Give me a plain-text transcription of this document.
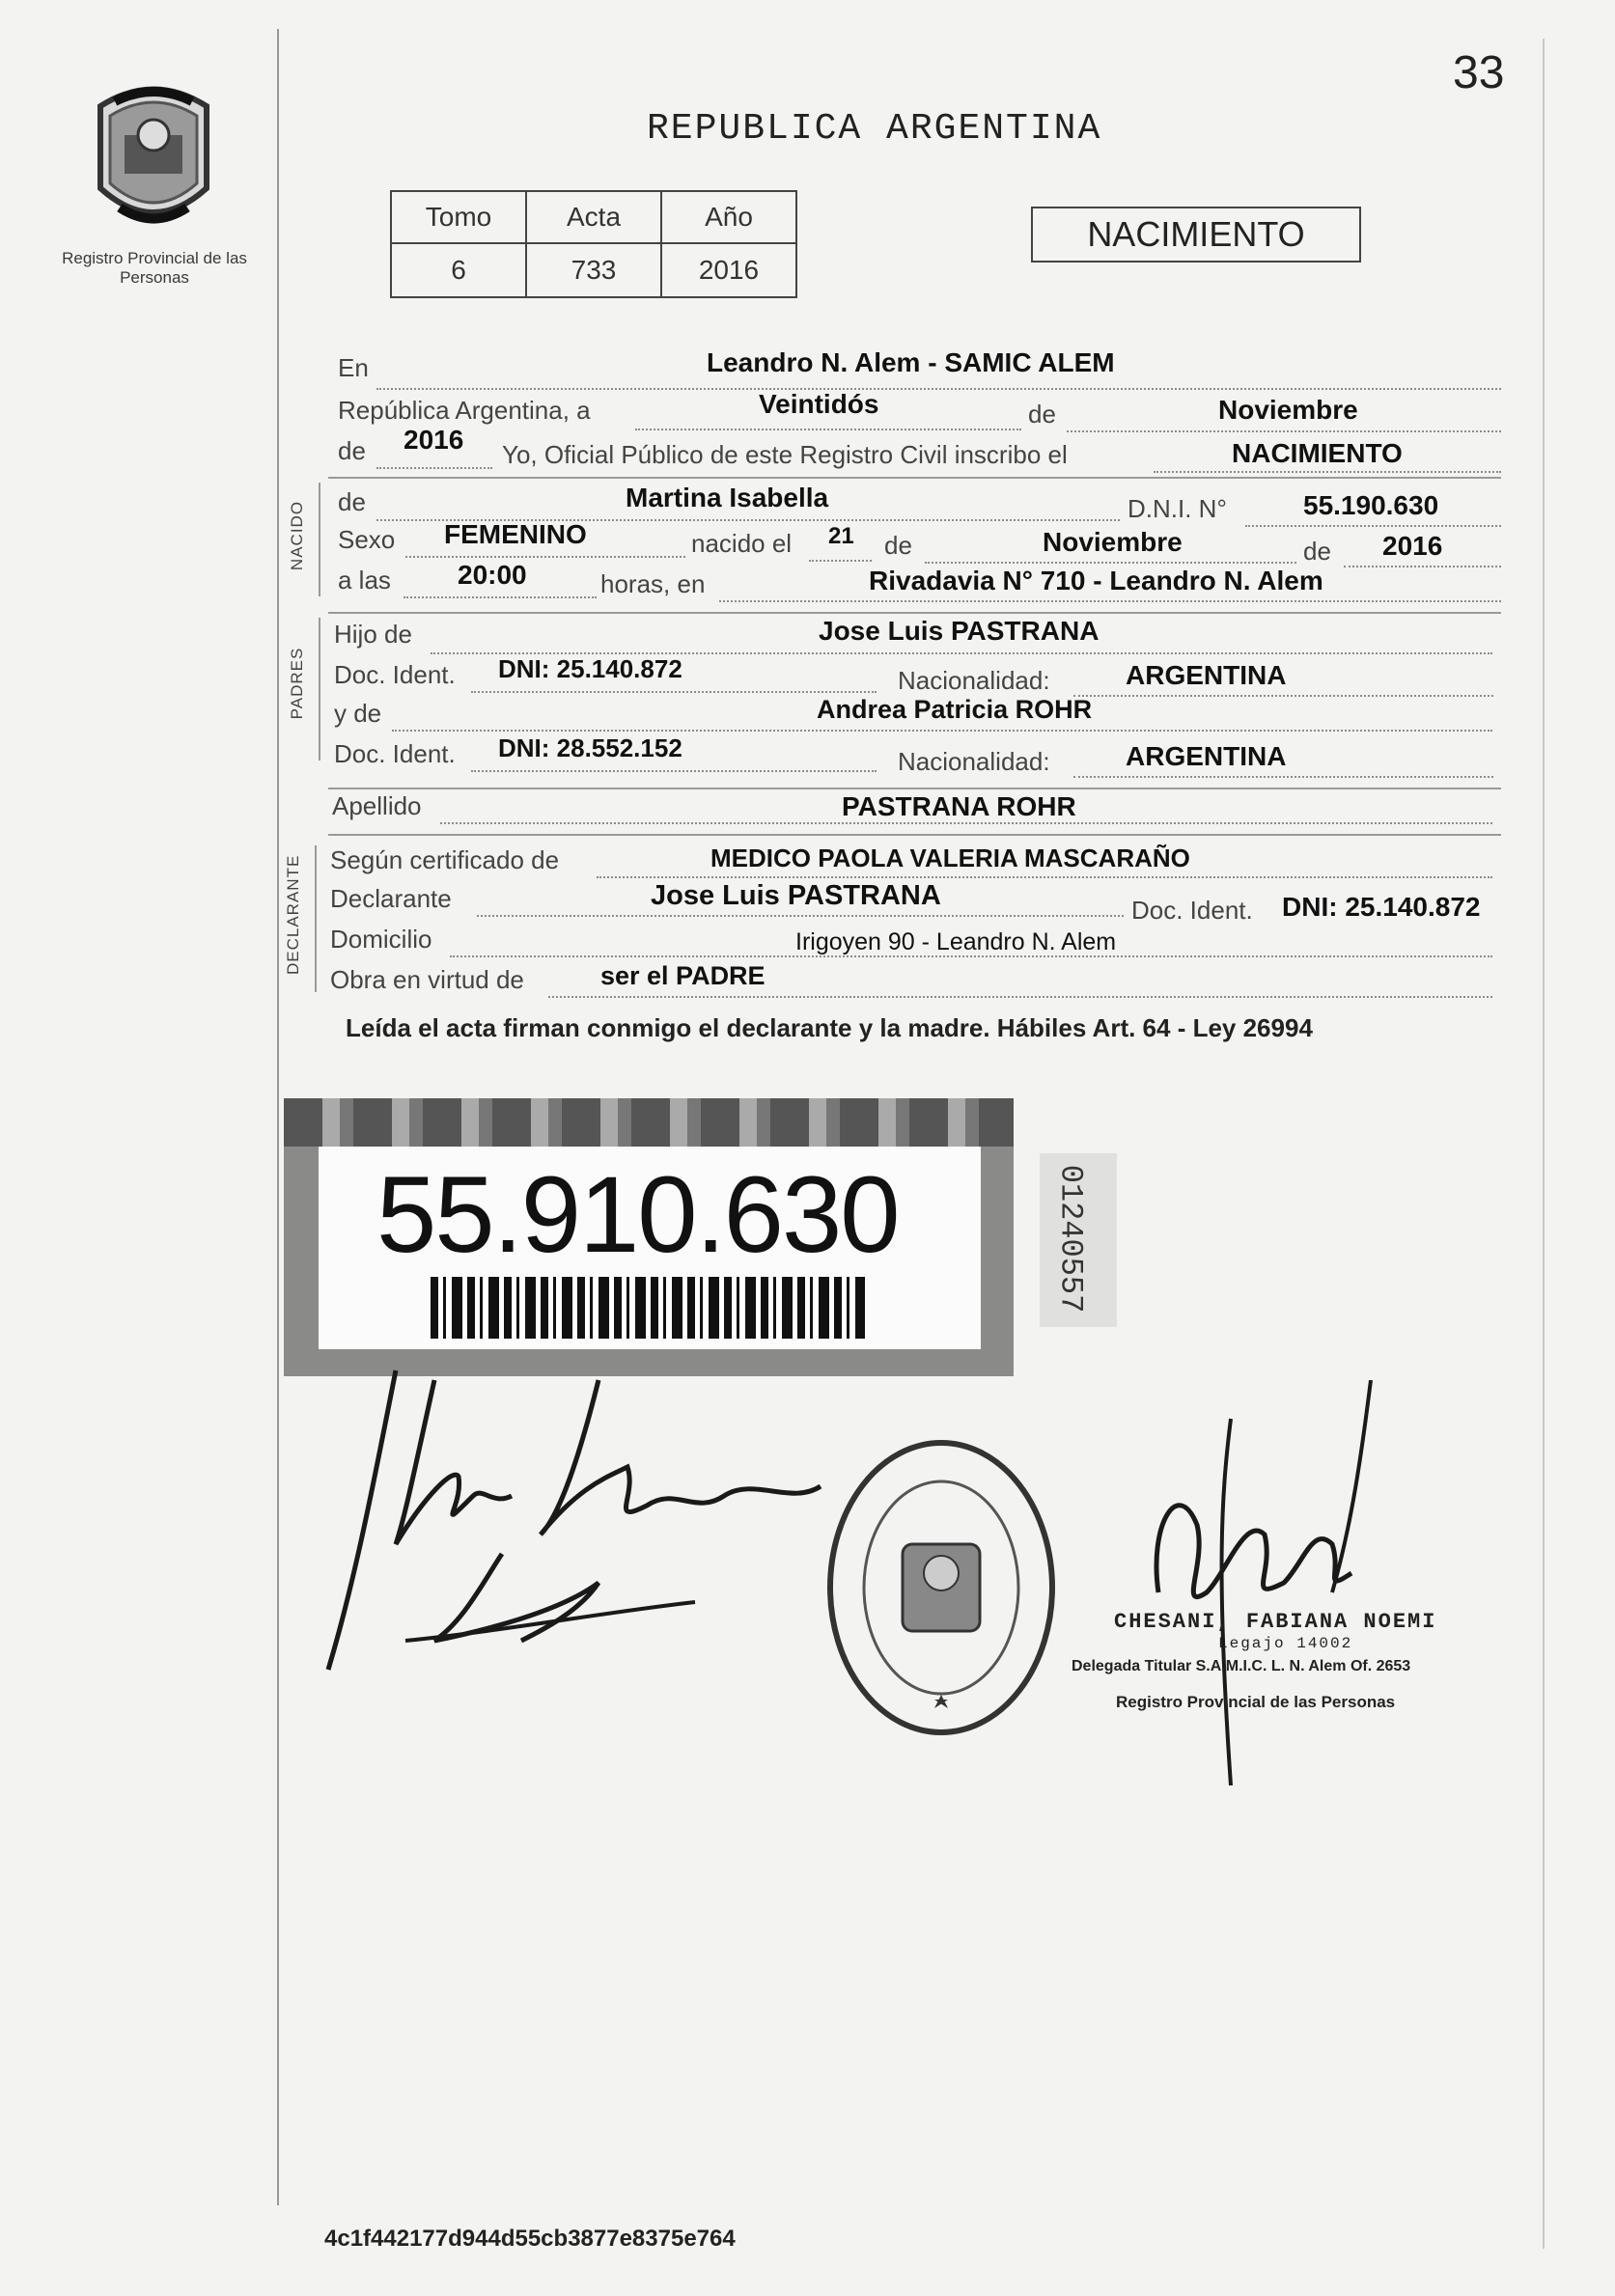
33
Registro Provincial de las Personas
REPUBLICA ARGENTINA
Tomo	Acta	Año
6	733	2016
NACIMIENTO
En	Leandro N. Alem - SAMIC ALEM
República Argentina, a	Veintidós	de	Noviembre
de 2016 Yo, Oficial Público de este Registro Civil inscribo el	NACIMIENTO
NACIDO de	Martina Isabella	D.N.I. N°	55.190.630
Sexo FEMENINO	nacido el 21 de	Noviembre	de 2016
a las 20:00	horas, en	Rivadavia N° 710 - Leandro N. Alem
PADRES
Hijo de	Jose Luis PASTRANA
Doc. Ident. DNI: 25.140.872	Nacionalidad:	ARGENTINA
y de	Andrea Patricia ROHR
Doc. Ident. DNI: 28.552.152	Nacionalidad:	ARGENTINA
Apellido	PASTRANA ROHR
DECLARANTE Según certificado de	MEDICO PAOLA VALERIA MASCARAÑO
Declarante	Jose Luis PASTRANA	Doc. Ident. DNI: 25.140.872
Domicilio	Irigoyen 90 - Leandro N. Alem
Obra en virtud de	ser el PADRE
Leída el acta firman conmigo el declarante y la madre. Hábiles Art. 64 - Ley 26994
55.910.630	01240557
CHESANI, FABIANA NOEMI
Legajo 14002
Delegada Titular S.A.M.I.C. L. N. Alem Of. 2653
Registro Provincial de las Personas
4c1f442177d944d55cb3877e8375e764
